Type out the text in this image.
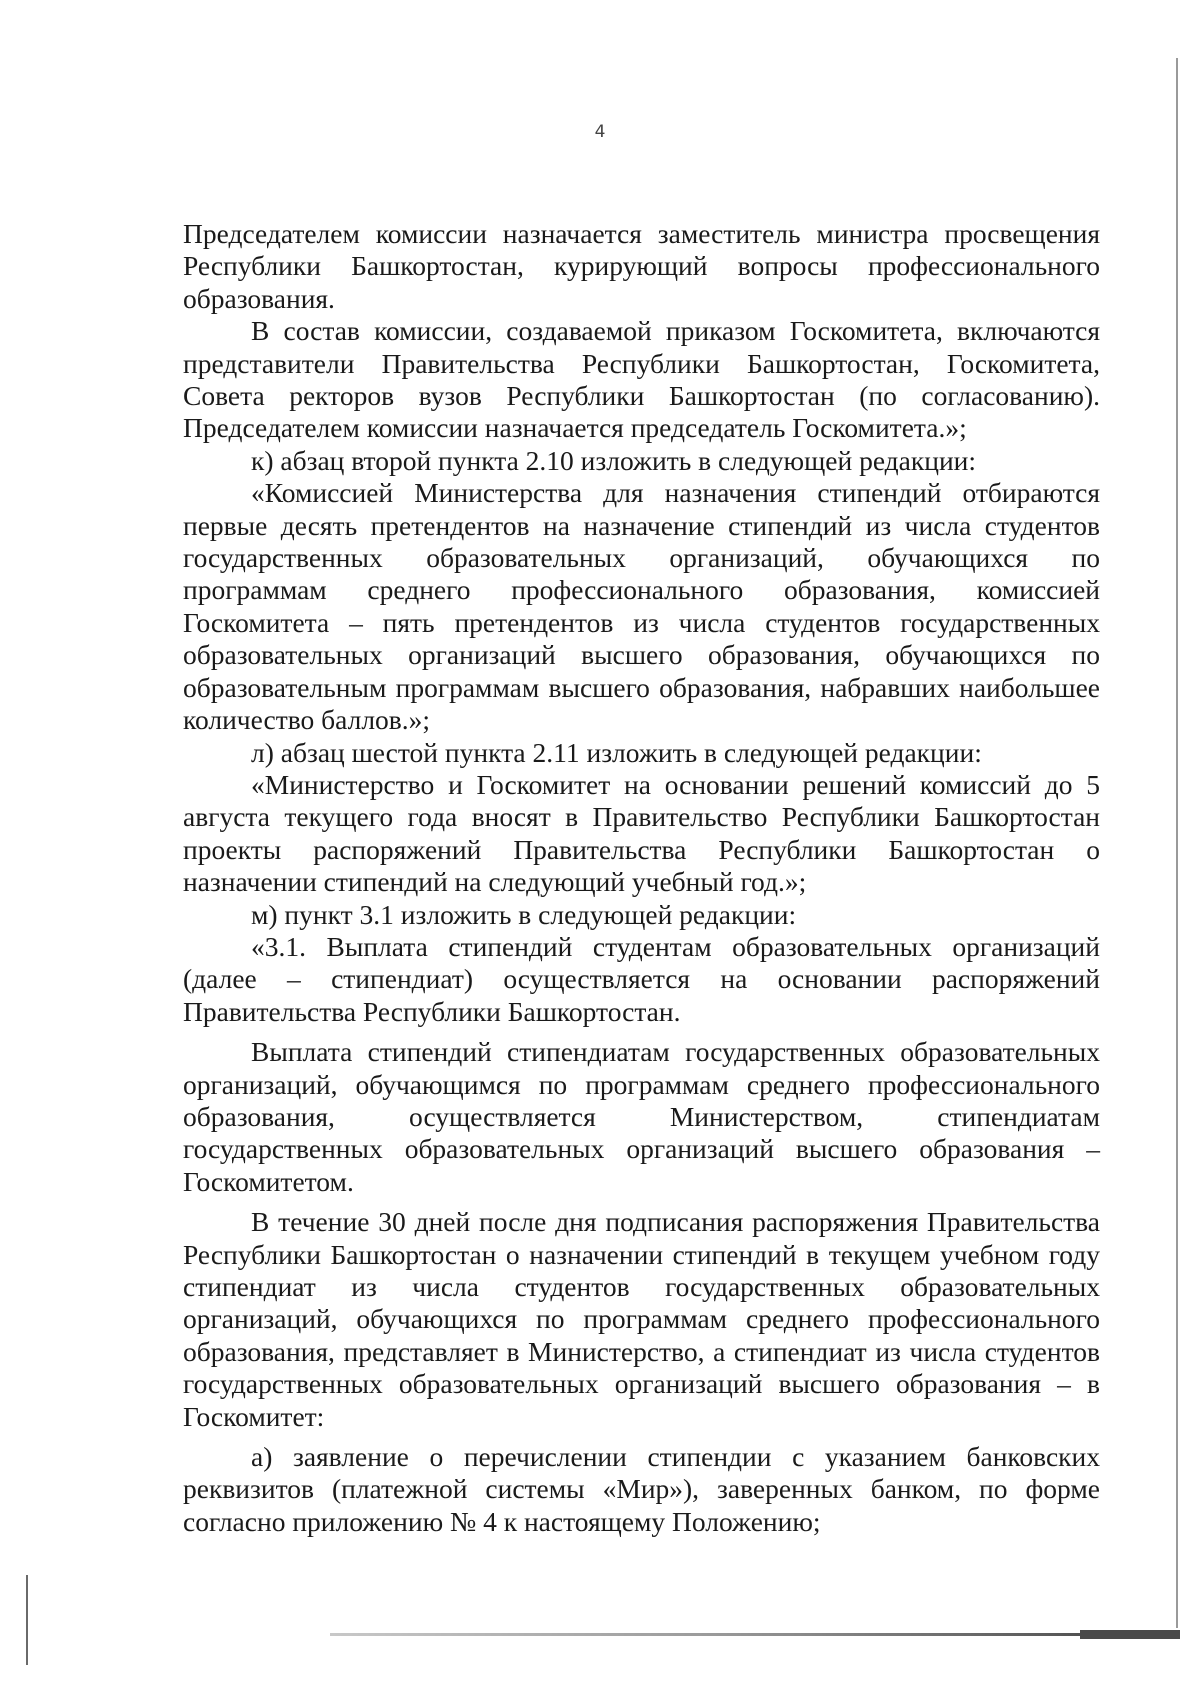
4

Председателем комиссии назначается заместитель министра просвещения Республики Башкортостан, курирующий вопросы профессионального образования.

В состав комиссии, создаваемой приказом Госкомитета, включаются представители Правительства Республики Башкортостан, Госкомитета, Совета ректоров вузов Республики Башкортостан (по согласованию). Председателем комиссии назначается председатель Госкомитета.»;

к) абзац второй пункта 2.10 изложить в следующей редакции:

«Комиссией Министерства для назначения стипендий отбираются первые десять претендентов на назначение стипендий из числа студентов государственных образовательных организаций, обучающихся по программам среднего профессионального образования, комиссией Госкомитета – пять претендентов из числа студентов государственных образовательных организаций высшего образования, обучающихся по образовательным программам высшего образования, набравших наибольшее количество баллов.»;

л) абзац шестой пункта 2.11 изложить в следующей редакции:

«Министерство и Госкомитет на основании решений комиссий до 5 августа текущего года вносят в Правительство Республики Башкортостан проекты распоряжений Правительства Республики Башкортостан о назначении стипендий на следующий учебный год.»;

м) пункт 3.1 изложить в следующей редакции:

«3.1. Выплата стипендий студентам образовательных организаций (далее – стипендиат) осуществляется на основании распоряжений Правительства Республики Башкортостан.

Выплата стипендий стипендиатам государственных образовательных организаций, обучающимся по программам среднего профессионального образования, осуществляется Министерством, стипендиатам государственных образовательных организаций высшего образования – Госкомитетом.

В течение 30 дней после дня подписания распоряжения Правительства Республики Башкортостан о назначении стипендий в текущем учебном году стипендиат из числа студентов государственных образовательных организаций, обучающихся по программам среднего профессионального образования, представляет в Министерство, а стипендиат из числа студентов государственных образовательных организаций высшего образования – в Госкомитет:

а) заявление о перечислении стипендии с указанием банковских реквизитов (платежной системы «Мир»), заверенных банком, по форме согласно приложению № 4 к настоящему Положению;
